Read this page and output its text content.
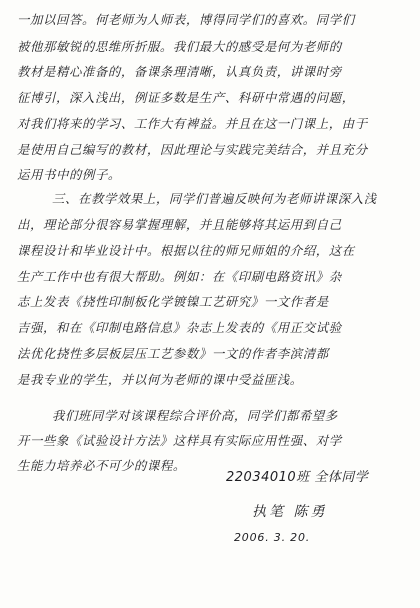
一加以回答。何老师为人师表，博得同学们的喜欢。同学们
被他那敏锐的思维所折服。我们最大的感受是何为老师的
教材是精心准备的，备课条理清晰，认真负责，讲课时旁
征博引，深入浅出，例证多数是生产、科研中常遇的问题，
对我们将来的学习、工作大有裨益。并且在这一门课上，由于
是使用自己编写的教材，因此理论与实践完美结合，并且充分
运用书中的例子。
三、在教学效果上，同学们普遍反映何为老师讲课深入浅
出，理论部分很容易掌握理解，并且能够将其运用到自己
课程设计和毕业设计中。根据以往的师兄师姐的介绍，这在
生产工作中也有很大帮助。例如：在《印刷电路资讯》杂
志上发表《挠性印制板化学镀镍工艺研究》一文作者是
吉强，和在《印制电路信息》杂志上发表的《用正交试验
法优化挠性多层板层压工艺参数》一文的作者李滨清都
是我专业的学生，并以何为老师的课中受益匪浅。
我们班同学对该课程综合评价高，同学们都希望多
开一些象《试验设计方法》这样具有实际应用性强、对学
生能力培养必不可少的课程。
22034010班 全体同学
执笔 陈勇
2006. 3. 20.
